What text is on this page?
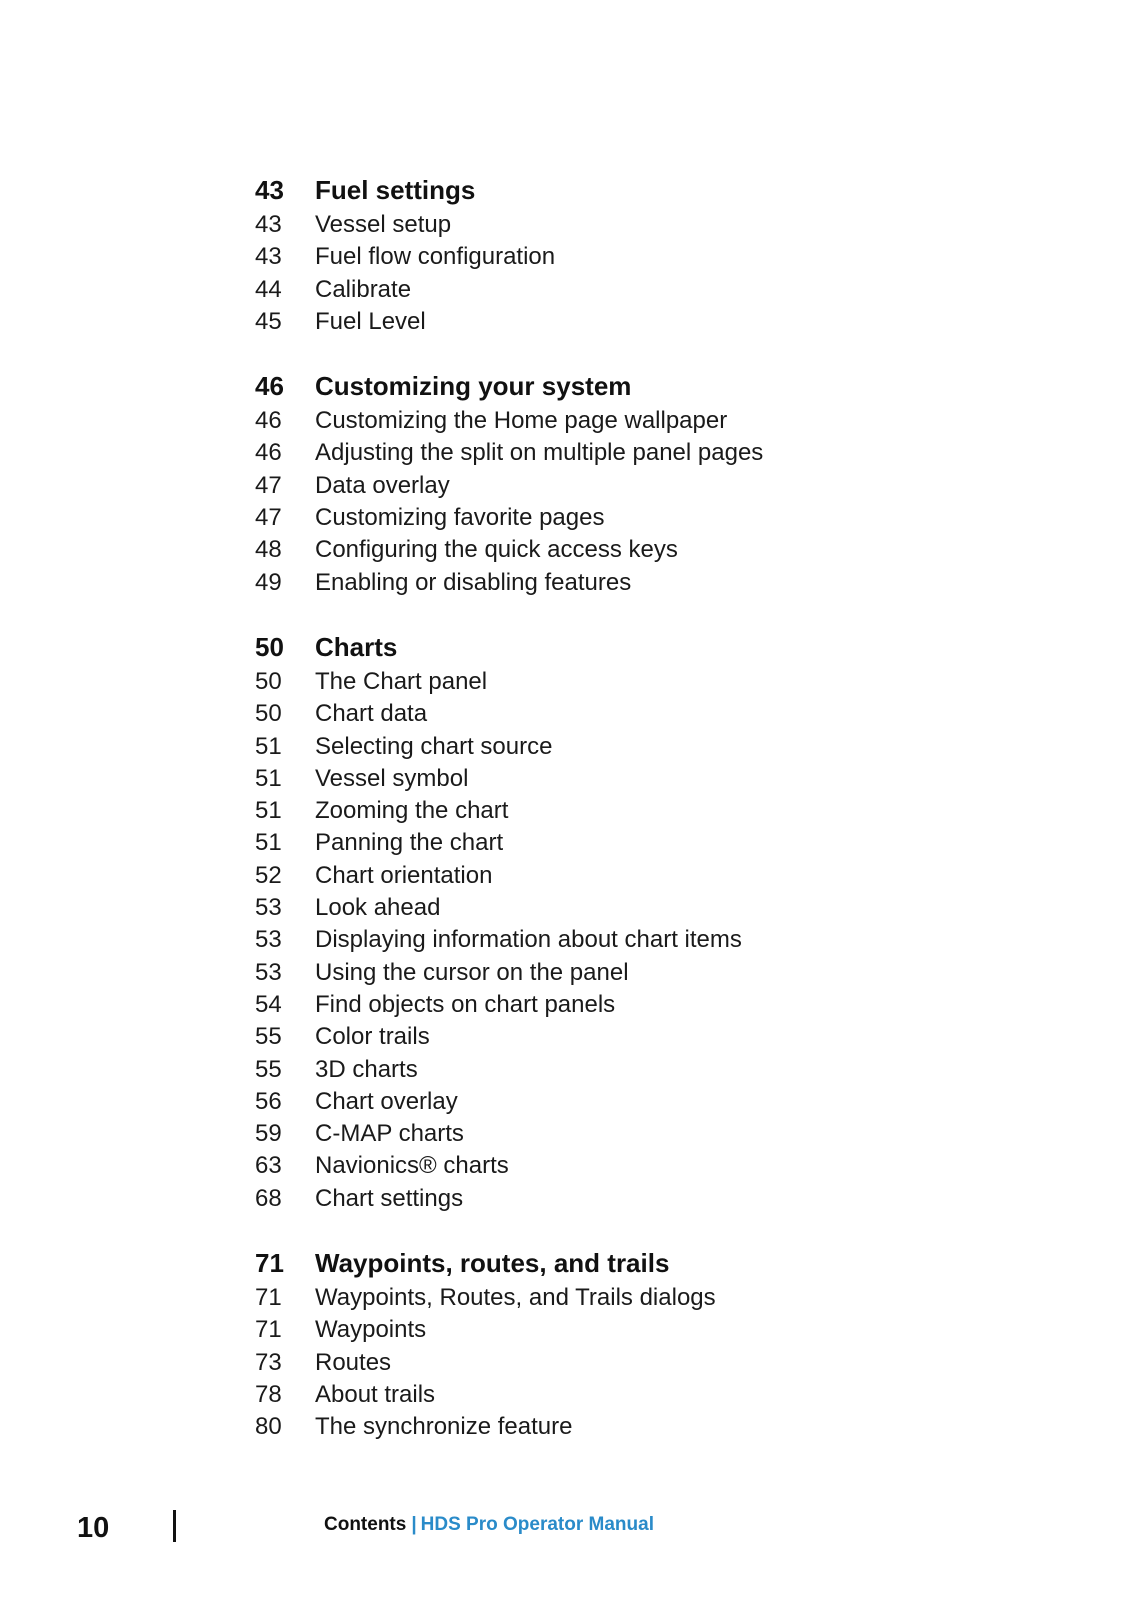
43	Fuel settings
43	Vessel setup
43	Fuel flow configuration
44	Calibrate
45	Fuel Level
46	Customizing your system
46	Customizing the Home page wallpaper
46	Adjusting the split on multiple panel pages
47	Data overlay
47	Customizing favorite pages
48	Configuring the quick access keys
49	Enabling or disabling features
50	Charts
50	The Chart panel
50	Chart data
51	Selecting chart source
51	Vessel symbol
51	Zooming the chart
51	Panning the chart
52	Chart orientation
53	Look ahead
53	Displaying information about chart items
53	Using the cursor on the panel
54	Find objects on chart panels
55	Color trails
55	3D charts
56	Chart overlay
59	C-MAP charts
63	Navionics® charts
68	Chart settings
71	Waypoints, routes, and trails
71	Waypoints, Routes, and Trails dialogs
71	Waypoints
73	Routes
78	About trails
80	The synchronize feature
10	Contents | HDS Pro Operator Manual
